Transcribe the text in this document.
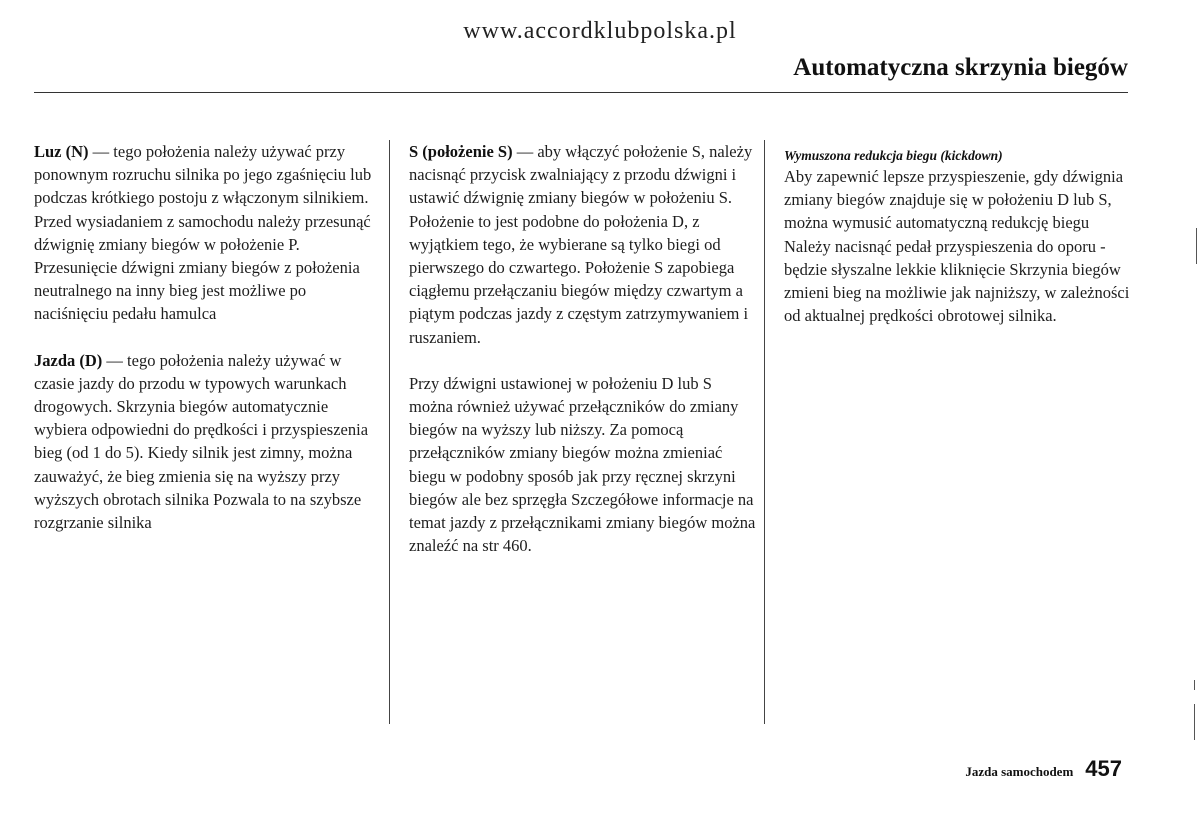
www.accordklubpolska.pl
Automatyczna skrzynia biegów

Luz (N) — tego położenia należy używać przy ponownym rozruchu silnika po jego zgaśnięciu lub podczas krótkiego postoju z włączonym silnikiem. Przed wysiadaniem z samochodu należy przesunąć dźwignię zmiany biegów w położenie P. Przesunięcie dźwigni zmiany biegów z położenia neutralnego na inny bieg jest możliwe po naciśnięciu pedału hamulca

Jazda (D) — tego położenia należy używać w czasie jazdy do przodu w typowych warunkach drogowych. Skrzynia biegów automatycznie wybiera odpowiedni do prędkości i przyspieszenia bieg (od 1 do 5). Kiedy silnik jest zimny, można zauważyć, że bieg zmienia się na wyższy przy wyższych obrotach silnika Pozwala to na szybsze rozgrzanie silnika

S (położenie S) — aby włączyć położenie S, należy nacisnąć przycisk zwalniający z przodu dźwigni i ustawić dźwignię zmiany biegów w położeniu S. Położenie to jest podobne do położenia D, z wyjątkiem tego, że wybierane są tylko biegi od pierwszego do czwartego. Położenie S zapobiega ciągłemu przełączaniu biegów między czwartym a piątym podczas jazdy z częstym zatrzymywaniem i ruszaniem.

Przy dźwigni ustawionej w położeniu D lub S można również używać przełączników do zmiany biegów na wyższy lub niższy. Za pomocą przełączników zmiany biegów można zmieniać biegu w podobny sposób jak przy ręcznej skrzyni biegów ale bez sprzęgła Szczegółowe informacje na temat jazdy z przełącznikami zmiany biegów można znaleźć na str 460.

Wymuszona redukcja biegu (kickdown)

Aby zapewnić lepsze przyspieszenie, gdy dźwignia zmiany biegów znajduje się w położeniu D lub S, można wymusić automatyczną redukcję biegu Należy nacisnąć pedał przyspieszenia do oporu - będzie słyszalne lekkie kliknięcie Skrzynia biegów zmieni bieg na możliwie jak najniższy, w zależności od aktualnej prędkości obrotowej silnika.

Jazda samochodem 457
